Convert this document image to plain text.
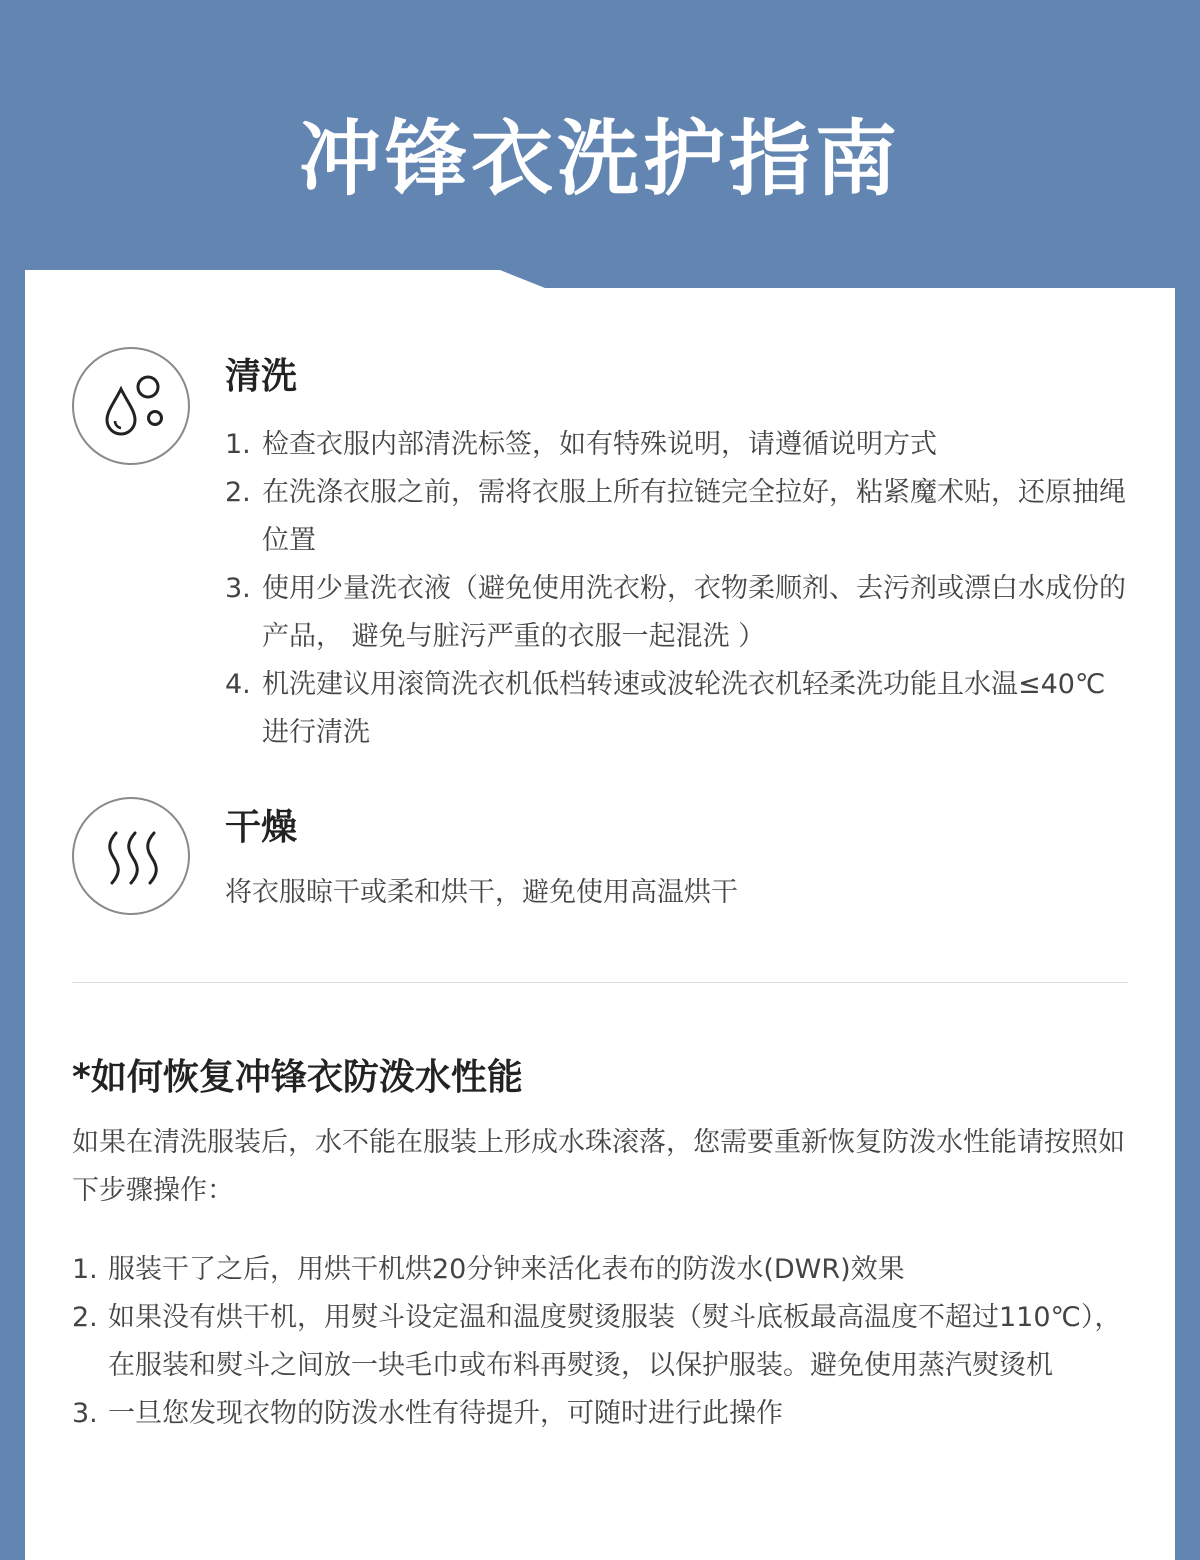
冲锋衣洗护指南
清洗
1. 检查衣服内部清洗标签，如有特殊说明，请遵循说明方式
2. 在洗涤衣服之前，需将衣服上所有拉链完全拉好，粘紧魔术贴，还原抽绳位置
3. 使用少量洗衣液（避免使用洗衣粉，衣物柔顺剂、去污剂或漂白水成份的产品， 避免与脏污严重的衣服一起混洗 ）
4. 机洗建议用滚筒洗衣机低档转速或波轮洗衣机轻柔洗功能且水温≤40℃进行清洗
干燥
将衣服晾干或柔和烘干，避免使用高温烘干
*如何恢复冲锋衣防泼水性能
如果在清洗服装后，水不能在服装上形成水珠滚落，您需要重新恢复防泼水性能请按照如下步骤操作：
1. 服装干了之后，用烘干机烘20分钟来活化表布的防泼水(DWR)效果
2. 如果没有烘干机，用熨斗设定温和温度熨烫服装（熨斗底板最高温度不超过110℃），在服装和熨斗之间放一块毛巾或布料再熨烫，以保护服装。避免使用蒸汽熨烫机
3. 一旦您发现衣物的防泼水性有待提升，可随时进行此操作
